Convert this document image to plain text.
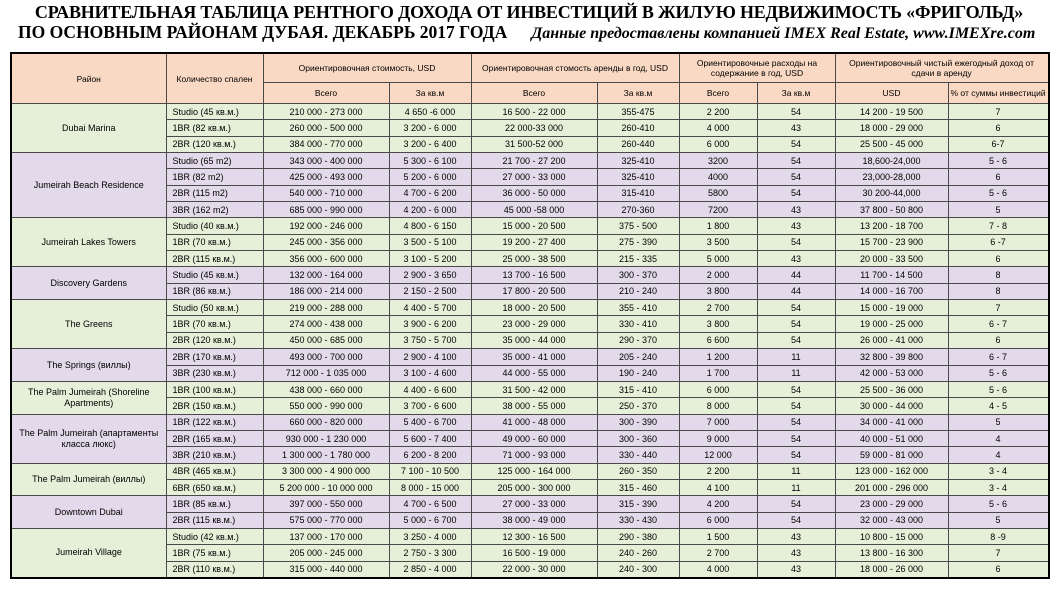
СРАВНИТЕЛЬНАЯ ТАБЛИЦА РЕНТНОГО ДОХОДА ОТ ИНВЕСТИЦИЙ В ЖИЛУЮ НЕДВИЖИМОСТЬ «ФРИГОЛЬД»
ПО ОСНОВНЫМ РАЙОНАМ ДУБАЯ. ДЕКАБРЬ 2017 ГОДА Данные предоставлены компанией IMEX Real Estate, www.IMEXre.com
Район	Количество спален	Ориентировочная стоимость, USD		Ориентировочная стомость аренды в год, USD		Ориентировочные расходы на содержание в год, USD		Ориентировочный чистый ежегодный доход от сдачи в аренду	
		Всего	За кв.м	Всего	За кв.м	Всего	За кв.м	USD	% от суммы инвестиций
Dubai Marina	Studio (45 кв.м.)	210 000 - 273 000	4 650 -6 000	16 500 - 22 000	355-475	2 200	54	14 200 - 19 500	7
	1BR (82 кв.м.)	260 000 - 500 000	3 200 - 6 000	22 000-33 000	260-410	4 000	43	18 000 - 29 000	6
	2BR (120 кв.м.)	384 000 - 770 000	3 200 - 6 400	31 500-52 000	260-440	6 000	54	25 500 - 45 000	6-7
Jumeirah Beach Residence	Studio (65 m2)	343 000 - 400 000	5 300 - 6 100	21 700 - 27 200	325-410	3200	54	18,600-24,000	5 - 6
	1BR (82 m2)	425 000 - 493 000	5 200 - 6 000	27 000 - 33 000	325-410	4000	54	23,000-28,000	6
	2BR (115 m2)	540 000 - 710 000	4 700 - 6 200	36 000 - 50 000	315-410	5800	54	30 200-44,000	5 - 6
	3BR (162 m2)	685 000 - 990 000	4 200 - 6 000	45 000 -58 000	270-360	7200	43	37 800 - 50 800	5
Jumeirah Lakes Towers	Studio (40 кв.м.)	192 000 - 246 000	4 800 - 6 150	15 000 - 20 500	375 - 500	1 800	43	13 200 - 18 700	7 - 8
	1BR (70 кв.м.)	245 000 - 356 000	3 500 - 5 100	19 200 - 27 400	275 - 390	3 500	54	15 700 - 23 900	6 -7
	2BR (115 кв.м.)	356 000 - 600 000	3 100 - 5 200	25 000 - 38 500	215 - 335	5 000	43	20 000 - 33 500	6
Discovery Gardens	Studio (45 кв.м.)	132 000 - 164 000	2 900 - 3 650	13 700 - 16 500	300 - 370	2 000	44	11 700 - 14 500	8
	1BR (86 кв.м.)	186 000 - 214 000	2 150 - 2 500	17 800 - 20 500	210 - 240	3 800	44	14 000 - 16 700	8
The Greens	Studio (50 кв.м.)	219 000 - 288 000	4 400 - 5 700	18 000 - 20 500	355 - 410	2 700	54	15 000 - 19 000	7
	1BR (70 кв.м.)	274 000 - 438 000	3 900 - 6 200	23 000 - 29 000	330 - 410	3 800	54	19 000 - 25 000	6 - 7
	2BR (120 кв.м.)	450 000 - 685 000	3 750 - 5 700	35 000 - 44 000	290 - 370	6 600	54	26 000 - 41 000	6
The Springs (виллы)	2BR (170 кв.м.)	493 000 - 700 000	2 900 - 4 100	35 000 - 41 000	205 - 240	1 200	11	32 800 - 39 800	6 - 7
	3BR (230 кв.м.)	712 000 - 1 035 000	3 100 - 4 600	44 000 - 55 000	190 - 240	1 700	11	42 000 - 53 000	5 - 6
The Palm Jumeirah (Shoreline Apartments)	1BR (100 кв.м.)	438 000 - 660 000	4 400 - 6 600	31 500 - 42 000	315 - 410	6 000	54	25 500 - 36 000	5 - 6
	2BR (150 кв.м.)	550 000 - 990 000	3 700 - 6 600	38 000 - 55 000	250 - 370	8 000	54	30 000 - 44 000	4 - 5
The Palm Jumeirah (апартаменты класса люкс)	1BR (122 кв.м.)	660 000 - 820 000	5 400 - 6 700	41 000 - 48 000	300 - 390	7 000	54	34 000 - 41 000	5
	2BR (165 кв.м.)	930 000 - 1 230 000	5 600 - 7 400	49 000 - 60 000	300 - 360	9 000	54	40 000 - 51 000	4
	3BR (210 кв.м.)	1 300 000 - 1 780 000	6 200 - 8 200	71 000 - 93 000	330 - 440	12 000	54	59 000 - 81 000	4
The Palm Jumeirah (виллы)	4BR (465 кв.м.)	3 300 000 - 4 900 000	7 100 - 10 500	125 000 - 164 000	260 - 350	2 200	11	123 000 - 162 000	3 - 4
	6BR (650 кв.м.)	5 200 000 - 10 000 000	8 000 - 15 000	205 000 - 300 000	315 - 460	4 100	11	201 000 - 296 000	3 - 4
Downtown Dubai	1BR (85 кв.м.)	397 000 - 550 000	4 700 - 6 500	27 000 - 33 000	315 - 390	4 200	54	23 000 - 29 000	5 - 6
	2BR (115 кв.м.)	575 000 - 770 000	5 000 - 6 700	38 000 - 49 000	330 - 430	6 000	54	32 000 - 43 000	5
Jumeirah Village	Studio (42 кв.м.)	137 000 - 170 000	3 250 - 4 000	12 300 - 16 500	290 - 380	1 500	43	10 800 - 15 000	8 -9
	1BR (75 кв.м.)	205 000 - 245 000	2 750 - 3 300	16 500 - 19 000	240 - 260	2 700	43	13 800 - 16 300	7
	2BR (110 кв.м.)	315 000 - 440 000	2 850 - 4 000	22 000 - 30 000	240 - 300	4 000	43	18 000 - 26 000	6
